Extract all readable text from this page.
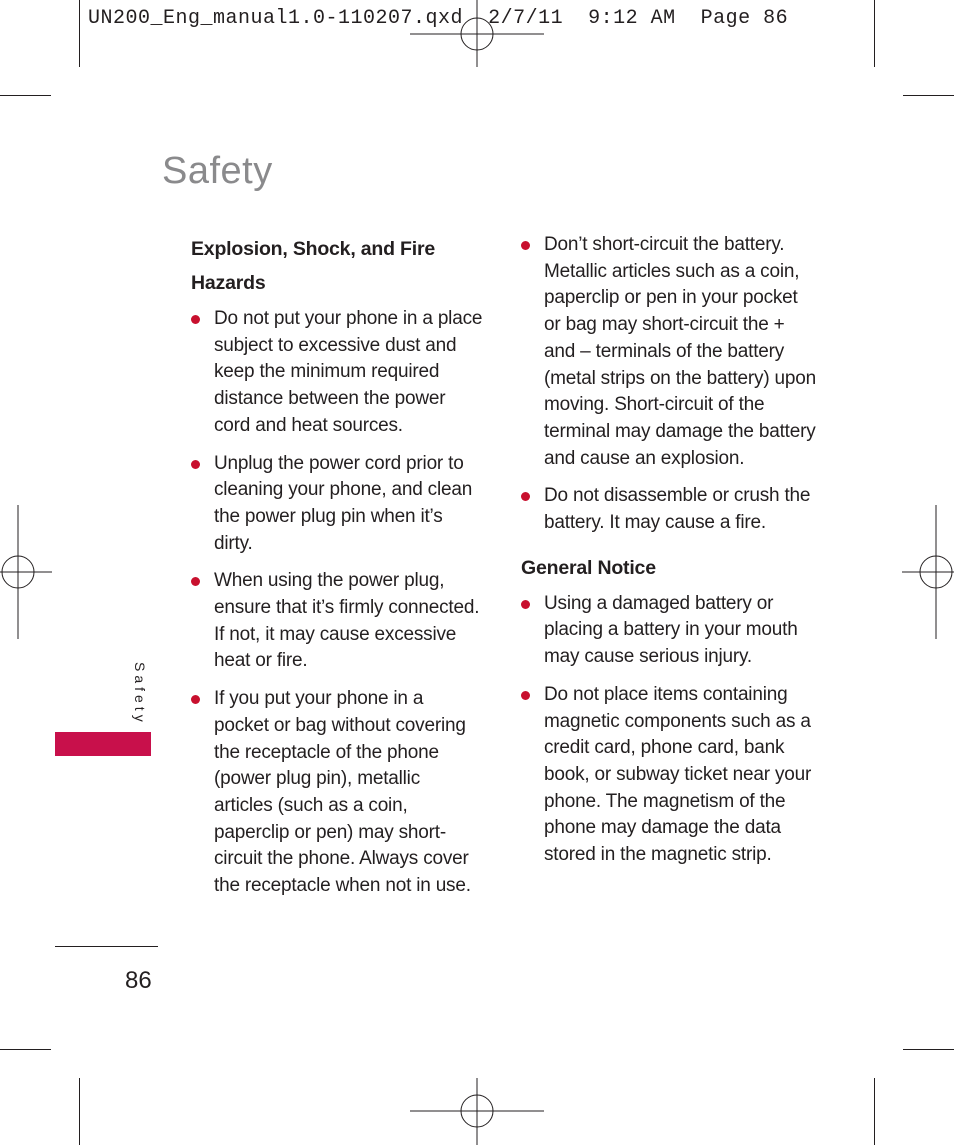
UN200_Eng_manual1.0-110207.qxd  2/7/11  9:12 AM  Page 86
Safety
Explosion, Shock, and Fire Hazards
Do not put your phone in a place subject to excessive dust and keep the minimum required distance between the power cord and heat sources.
Unplug the power cord prior to cleaning your phone, and clean the power plug pin when it’s dirty.
When using the power plug, ensure that it’s firmly connected. If not, it may cause excessive heat or fire.
If you put your phone in a pocket or bag without covering the receptacle of the phone (power plug pin), metallic articles (such as a coin, paperclip or pen) may short-circuit the phone. Always cover the receptacle when not in use.
Don’t short-circuit the battery. Metallic articles such as a coin, paperclip or pen in your pocket or bag may short-circuit the + and – terminals of the battery (metal strips on the battery) upon moving. Short-circuit of the terminal may damage the battery and cause an explosion.
Do not disassemble or crush the battery. It may cause a fire.
General Notice
Using a damaged battery or placing a battery in your mouth may cause serious injury.
Do not place items containing magnetic components such as a credit card, phone card, bank book, or subway ticket near your phone. The magnetism of the phone may damage the data stored in the magnetic strip.
Safety
86
